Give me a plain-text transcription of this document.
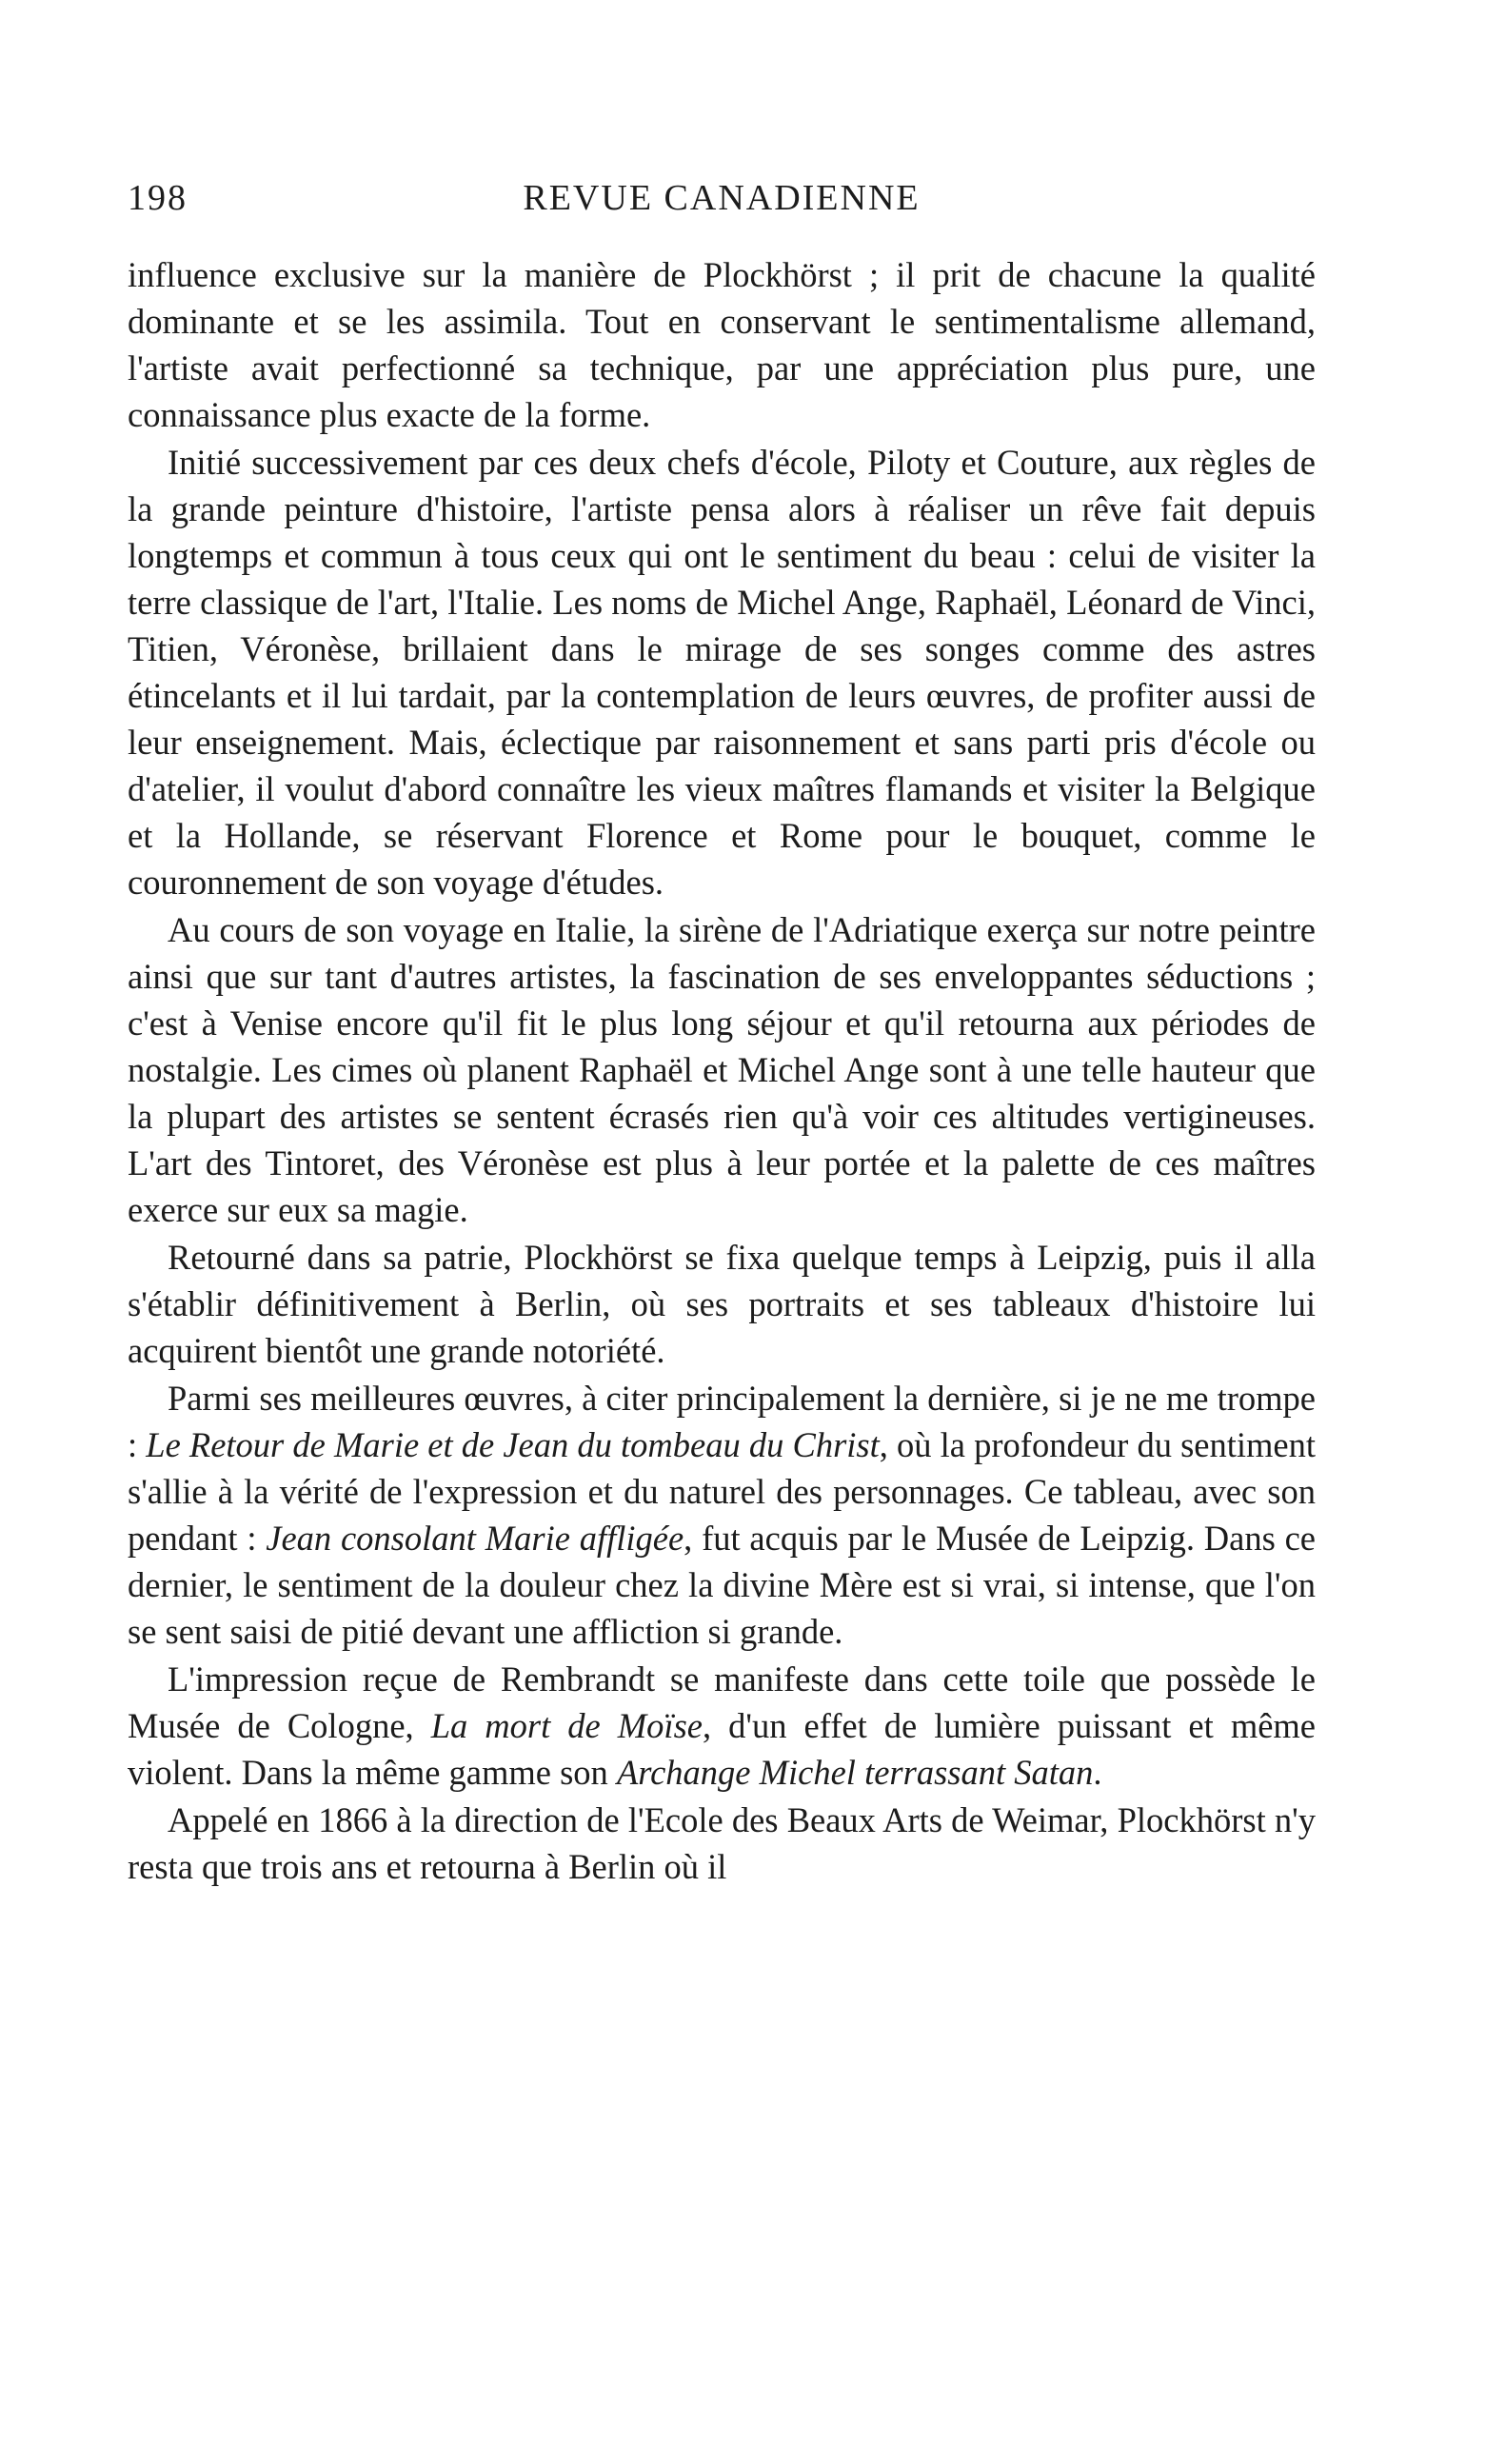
198	REVUE CANADIENNE

influence exclusive sur la manière de Plockhörst ; il prit de chacune la qualité dominante et se les assimila. Tout en conservant le sentimentalisme allemand, l'artiste avait perfectionné sa technique, par une appréciation plus pure, une connaissance plus exacte de la forme.

Initié successivement par ces deux chefs d'école, Piloty et Couture, aux règles de la grande peinture d'histoire, l'artiste pensa alors à réaliser un rêve fait depuis longtemps et commun à tous ceux qui ont le sentiment du beau : celui de visiter la terre classique de l'art, l'Italie. Les noms de Michel Ange, Raphaël, Léonard de Vinci, Titien, Véronèse, brillaient dans le mirage de ses songes comme des astres étincelants et il lui tardait, par la contemplation de leurs œuvres, de profiter aussi de leur enseignement. Mais, éclectique par raisonnement et sans parti pris d'école ou d'atelier, il voulut d'abord connaître les vieux maîtres flamands et visiter la Belgique et la Hollande, se réservant Florence et Rome pour le bouquet, comme le couronnement de son voyage d'études.

Au cours de son voyage en Italie, la sirène de l'Adriatique exerça sur notre peintre ainsi que sur tant d'autres artistes, la fascination de ses enveloppantes séductions ; c'est à Venise encore qu'il fit le plus long séjour et qu'il retourna aux périodes de nostalgie. Les cimes où planent Raphaël et Michel Ange sont à une telle hauteur que la plupart des artistes se sentent écrasés rien qu'à voir ces altitudes vertigineuses. L'art des Tintoret, des Véronèse est plus à leur portée et la palette de ces maîtres exerce sur eux sa magie.

Retourné dans sa patrie, Plockhörst se fixa quelque temps à Leipzig, puis il alla s'établir définitivement à Berlin, où ses portraits et ses tableaux d'histoire lui acquirent bientôt une grande notoriété.

Parmi ses meilleures œuvres, à citer principalement la dernière, si je ne me trompe : Le Retour de Marie et de Jean du tombeau du Christ, où la profondeur du sentiment s'allie à la vérité de l'expression et du naturel des personnages. Ce tableau, avec son pendant : Jean consolant Marie affligée, fut acquis par le Musée de Leipzig. Dans ce dernier, le sentiment de la douleur chez la divine Mère est si vrai, si intense, que l'on se sent saisi de pitié devant une affliction si grande.

L'impression reçue de Rembrandt se manifeste dans cette toile que possède le Musée de Cologne, La mort de Moïse, d'un effet de lumière puissant et même violent. Dans la même gamme son Archange Michel terrassant Satan.

Appelé en 1866 à la direction de l'Ecole des Beaux Arts de Weimar, Plockhörst n'y resta que trois ans et retourna à Berlin où il
